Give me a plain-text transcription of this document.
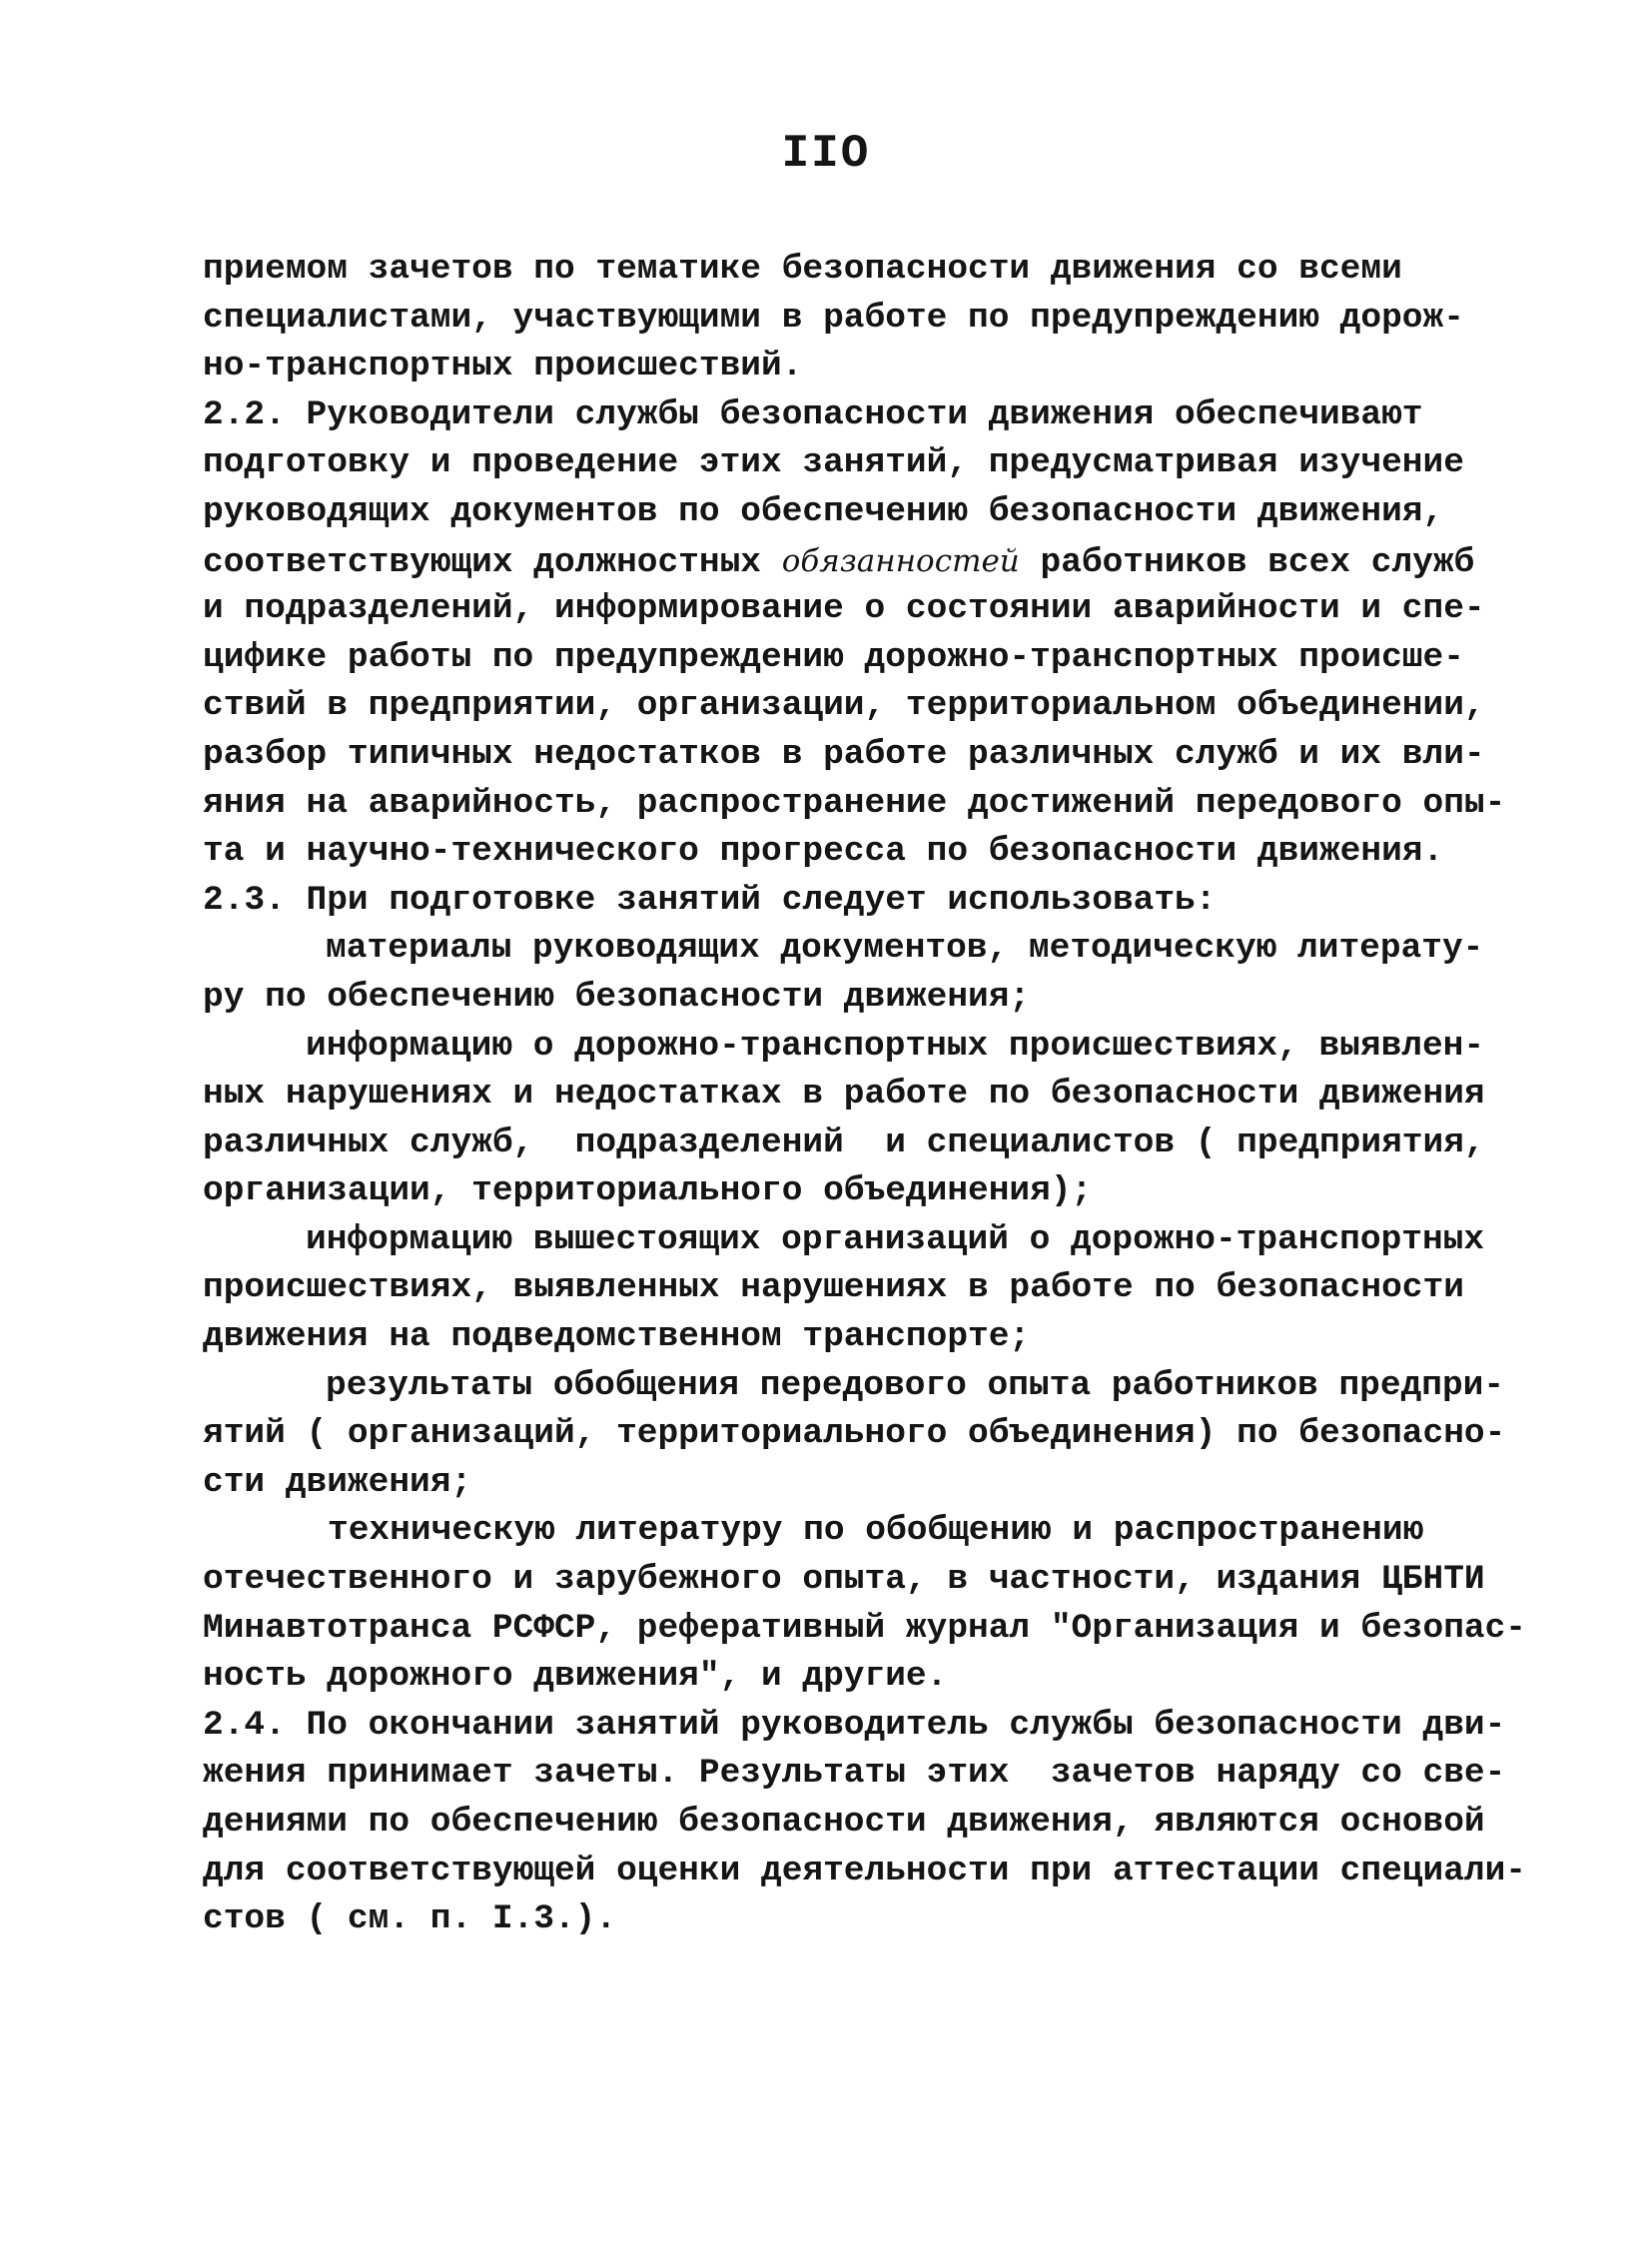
IIO
приемом зачетов по тематике безопасности движения со всеми
специалистами, участвующими в работе по предупреждению дорож-
но-транспортных происшествий.
2.2. Руководители службы безопасности движения обеспечивают
подготовку и проведение этих занятий, предусматривая изучение
руководящих документов по обеспечению безопасности движения,
соответствующих должностных обязанностей работников всех служб
и подразделений, информирование о состоянии аварийности и спе-
цифике работы по предупреждению дорожно-транспортных происше-
ствий в предприятии, организации, территориальном объединении,
разбор типичных недостатков в работе различных служб и их вли-
яния на аварийность, распространение достижений передового опы-
та и научно-технического прогресса по безопасности движения.
2.3. При подготовке занятий следует использовать:
материалы руководящих документов, методическую литерату-
ру по обеспечению безопасности движения;
информацию о дорожно-транспортных происшествиях, выявлен-
ных нарушениях и недостатках в работе по безопасности движения
различных служб,  подразделений  и специалистов ( предприятия,
организации, территориального объединения);
информацию вышестоящих организаций о дорожно-транспортных
происшествиях, выявленных нарушениях в работе по безопасности
движения на подведомственном транспорте;
результаты обобщения передового опыта работников предпри-
ятий ( организаций, территориального объединения) по безопасно-
сти движения;
техническую литературу по обобщению и распространению
отечественного и зарубежного опыта, в частности, издания ЦБНТИ
Минавтотранса РСФСР, реферативный журнал "Организация и безопас-
ность дорожного движения", и другие.
2.4. По окончании занятий руководитель службы безопасности дви-
жения принимает зачеты. Результаты этих  зачетов наряду со све-
дениями по обеспечению безопасности движения, являются основой
для соответствующей оценки деятельности при аттестации специали-
стов ( см. п. I.3.).
